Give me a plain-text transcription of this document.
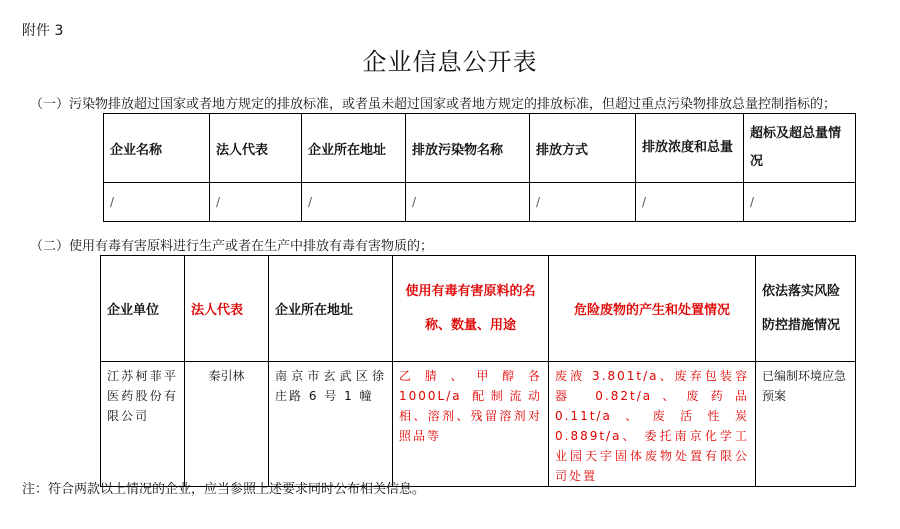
附件 3
企业信息公开表
（一）污染物排放超过国家或者地方规定的排放标准，或者虽未超过国家或者地方规定的排放标准，但超过重点污染物排放总量控制指标的；
企业名称	法人代表	企业所在地址	排放污染物名称	排放方式	排放浓度和总量	超标及超总量情况
/	/	/	/	/	/	/
（二）使用有毒有害原料进行生产或者在生产中排放有毒有害物质的；
企业单位	法人代表	企业所在地址	使用有毒有害原料的名称、数量、用途	危险废物的产生和处置情况	依法落实风险防控措施情况
江苏柯菲平医药股份有限公司	秦引林	南京市玄武区徐庄路 6 号 1 幢	乙腈、甲醇各 1000L/a 配制流动相、溶剂、残留溶剂对照品等	废液 3.801t/a、废弃包装容器 0.82t/a、废药品 0.11t/a、废活性炭 0.889t/a、 委托南京化学工业园天宇固体废物处置有限公司处置	已编制环境应急预案
注：符合两款以上情况的企业，应当参照上述要求同时公布相关信息。
